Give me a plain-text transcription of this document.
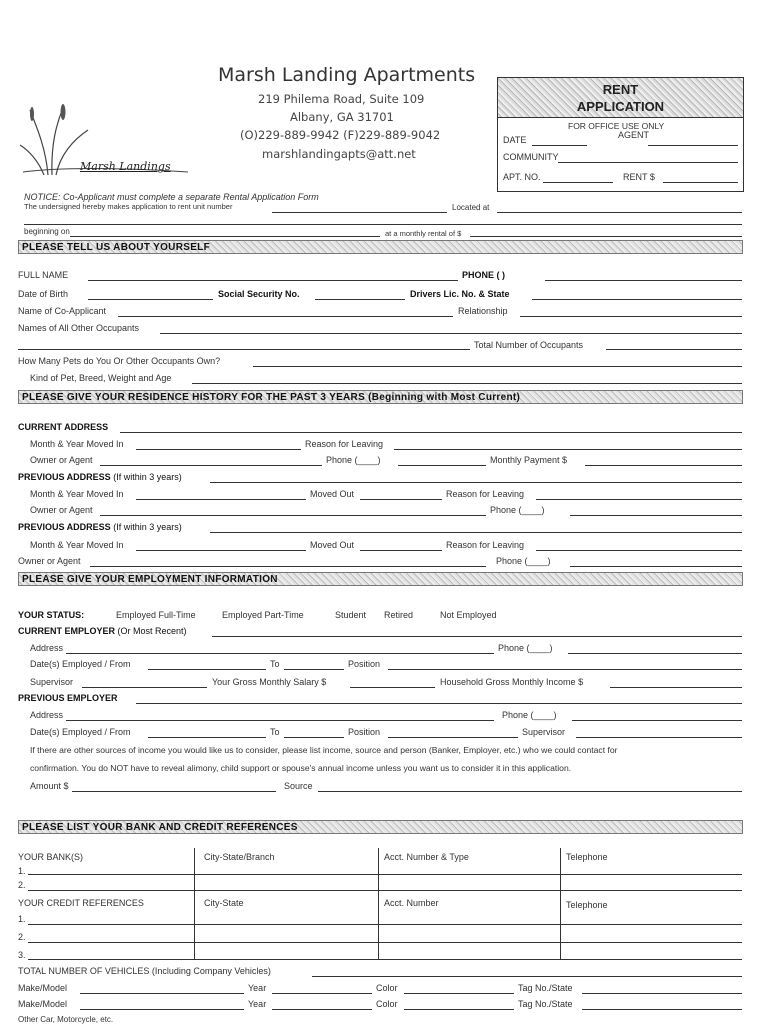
Marsh Landings
Marsh Landing Apartments
219 Philema Road, Suite 109
Albany, GA 31701
(O)229-889-9942 (F)229-889-9042
marshlandingapts@att.net
RENT
APPLICATION
FOR OFFICE USE ONLY
DATE	AGENT
COMMUNITY
APT. NO.	RENT $
NOTICE: Co-Applicant must complete a separate Rental Application Form
The undersigned hereby makes application to rent unit number	Located at
beginning on	at a monthly rental of $
PLEASE TELL US ABOUT YOURSELF
FULL NAME	PHONE ( )
Date of Birth	Social Security No.	Drivers Lic. No. & State
Name of Co-Applicant	Relationship
Names of All Other Occupants
Total Number of Occupants
How Many Pets do You Or Other Occupants Own?
Kind of Pet, Breed, Weight and Age
PLEASE GIVE YOUR RESIDENCE HISTORY FOR THE PAST 3 YEARS (Beginning with Most Current)
CURRENT ADDRESS
Month & Year Moved In	Reason for Leaving
Owner or Agent	Phone (____)	Monthly Payment $
PREVIOUS ADDRESS (If within 3 years)
Month & Year Moved In	Moved Out	Reason for Leaving
Owner or Agent	Phone (____)
PREVIOUS ADDRESS (If within 3 years)
Month & Year Moved In	Moved Out	Reason for Leaving
Owner or Agent	Phone (____)
PLEASE GIVE YOUR EMPLOYMENT INFORMATION
YOUR STATUS:	Employed Full-Time	Employed Part-Time	Student Retired	Not Employed
CURRENT EMPLOYER (Or Most Recent)
Address	Phone (____)
Date(s) Employed / From	To	Position
Supervisor	Your Gross Monthly Salary $	Household Gross Monthly Income $
PREVIOUS EMPLOYER
Address	Phone (____)
Date(s) Employed / From	To	Position	Supervisor
If there are other sources of income you would like us to consider, please list income, source and person (Banker, Employer, etc.) who we could contact for
confirmation. You do NOT have to reveal alimony, child support or spouse's annual income unless you want us to consider it in this application.
Amount $	Source
PLEASE LIST YOUR BANK AND CREDIT REFERENCES
YOUR BANK(S)	City-State/Branch	Acct. Number & Type	Telephone
1.
2.
YOUR CREDIT REFERENCES	City-State	Acct. Number	Telephone
1.
2.
3.
TOTAL NUMBER OF VEHICLES (Including Company Vehicles)
Make/Model	Year	Color	Tag No./State
Make/Model	Year	Color	Tag No./State
Other Car, Motorcycle, etc.
